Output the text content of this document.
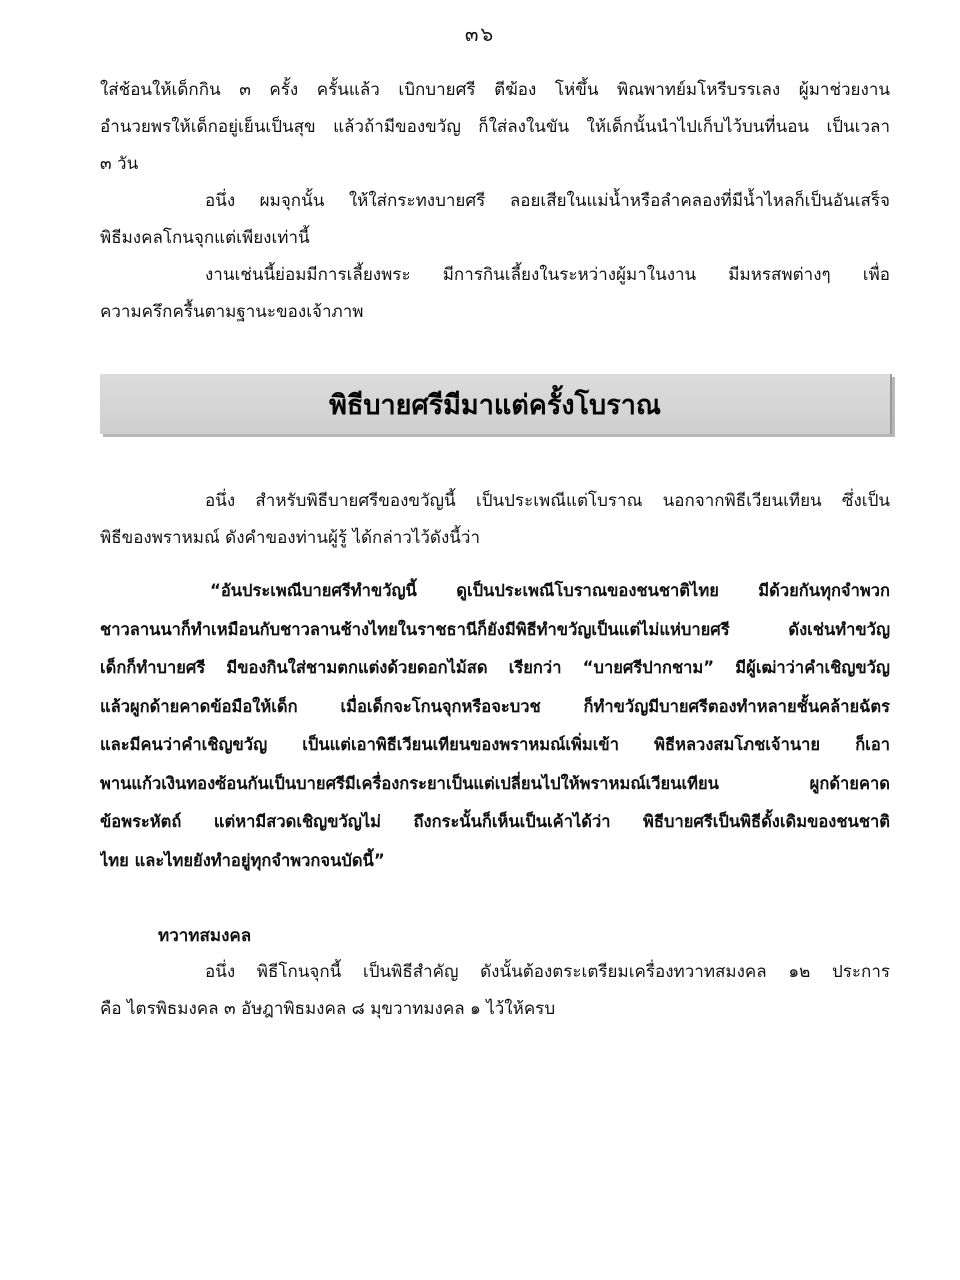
๓๖
ใส่ช้อนให้เด็กกิน ๓ ครั้ง ครั้นแล้ว เบิกบายศรี ตีฆ้อง โห่ขึ้น พิณพาทย์มโหรีบรรเลง ผู้มาช่วยงาน
อำนวยพรให้เด็กอยู่เย็นเป็นสุข แล้วถ้ามีของขวัญ ก็ใส่ลงในขัน ให้เด็กนั้นนำไปเก็บไว้บนที่นอน เป็นเวลา
๓ วัน
อนึ่ง ผมจุกนั้น ให้ใส่กระทงบายศรี ลอยเสียในแม่น้ำหรือลำคลองที่มีน้ำไหลก็เป็นอันเสร็จ
พิธีมงคลโกนจุกแต่เพียงเท่านี้
งานเช่นนี้ย่อมมีการเลี้ยงพระ มีการกินเลี้ยงในระหว่างผู้มาในงาน มีมหรสพต่างๆ เพื่อ
ความครึกครื้นตามฐานะของเจ้าภาพ
พิธีบายศรีมีมาแต่ครั้งโบราณ
อนึ่ง สำหรับพิธีบายศรีของขวัญนี้ เป็นประเพณีแต่โบราณ นอกจากพิธีเวียนเทียน ซึ่งเป็น
พิธีของพราหมณ์ ดังคำของท่านผู้รู้ ได้กล่าวไว้ดังนี้ว่า
“อันประเพณีบายศรีทำขวัญนี้ ดูเป็นประเพณีโบราณของชนชาติไทย มีด้วยกันทุกจำพวก
ชาวลานนาก็ทำเหมือนกับชาวลานช้างไทยในราชธานีก็ยังมีพิธีทำขวัญเป็นแต่ไม่แห่บายศรี ดังเช่นทำขวัญ
เด็กก็ทำบายศรี มีของกินใส่ชามตกแต่งด้วยดอกไม้สด เรียกว่า “บายศรีปากชาม” มีผู้เฒ่าว่าคำเชิญขวัญ
แล้วผูกด้ายคาดข้อมือให้เด็ก เมื่อเด็กจะโกนจุกหรือจะบวช ก็ทำขวัญมีบายศรีตองทำหลายชั้นคล้ายฉัตร
และมีคนว่าคำเชิญขวัญ เป็นแต่เอาพิธีเวียนเทียนของพราหมณ์เพิ่มเข้า พิธีหลวงสมโภชเจ้านาย ก็เอา
พานแก้วเงินทองซ้อนกันเป็นบายศรีมีเครื่องกระยาเป็นแต่เปลี่ยนไปให้พราหมณ์เวียนเทียน ผูกด้ายคาด
ข้อพระหัตถ์ แต่หามีสวดเชิญขวัญไม่ ถึงกระนั้นก็เห็นเป็นเค้าได้ว่า พิธีบายศรีเป็นพิธีดั้งเดิมของชนชาติ
ไทย และไทยยังทำอยู่ทุกจำพวกจนบัดนี้”
ทวาทสมงคล
อนึ่ง พิธีโกนจุกนี้ เป็นพิธีสำคัญ ดังนั้นต้องตระเตรียมเครื่องทวาทสมงคล ๑๒ ประการ
คือ ไตรพิธมงคล ๓ อัษฎาพิธมงคล ๘ มุขวาทมงคล ๑ ไว้ให้ครบ
